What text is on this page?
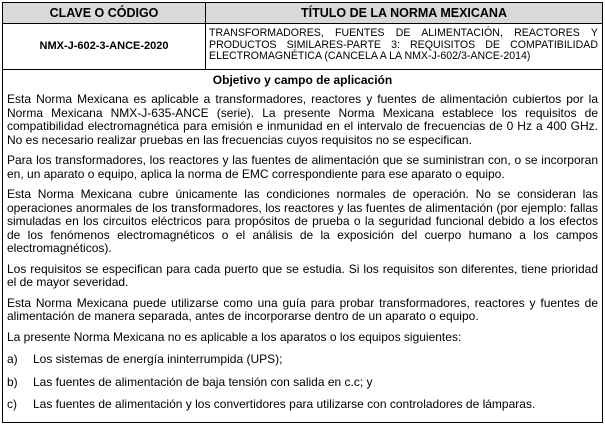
CLAVE O CÓDIGO	TÍTULO DE LA NORMA MEXICANA
NMX-J-602-3-ANCE-2020
TRANSFORMADORES, FUENTES DE ALIMENTACIÓN, REACTORES Y PRODUCTOS SIMILARES-PARTE 3: REQUISITOS DE COMPATIBILIDAD ELECTROMAGNÉTICA (CANCELA A LA NMX-J-602/3-ANCE-2014)
Objetivo y campo de aplicación

Esta Norma Mexicana es aplicable a transformadores, reactores y fuentes de alimentación cubiertos por la Norma Mexicana NMX-J-635-ANCE (serie). La presente Norma Mexicana establece los requisitos de compatibilidad electromagnética para emisión e inmunidad en el intervalo de frecuencias de 0 Hz a 400 GHz. No es necesario realizar pruebas en las frecuencias cuyos requisitos no se especifican.

Para los transformadores, los reactores y las fuentes de alimentación que se suministran con, o se incorporan en, un aparato o equipo, aplica la norma de EMC correspondiente para ese aparato o equipo.

Esta Norma Mexicana cubre únicamente las condiciones normales de operación. No se consideran las operaciones anormales de los transformadores, los reactores y las fuentes de alimentación (por ejemplo: fallas simuladas en los circuitos eléctricos para propósitos de prueba o la seguridad funcional debido a los efectos de los fenómenos electromagnéticos o el análisis de la exposición del cuerpo humano a los campos electromagnéticos).

Los requisitos se especifican para cada puerto que se estudia. Si los requisitos son diferentes, tiene prioridad el de mayor severidad.

Esta Norma Mexicana puede utilizarse como una guía para probar transformadores, reactores y fuentes de alimentación de manera separada, antes de incorporarse dentro de un aparato o equipo.

La presente Norma Mexicana no es aplicable a los aparatos o los equipos siguientes:

a) Los sistemas de energía ininterrumpida (UPS);
b) Las fuentes de alimentación de baja tensión con salida en c.c; y
c) Las fuentes de alimentación y los convertidores para utilizarse con controladores de lámparas.
